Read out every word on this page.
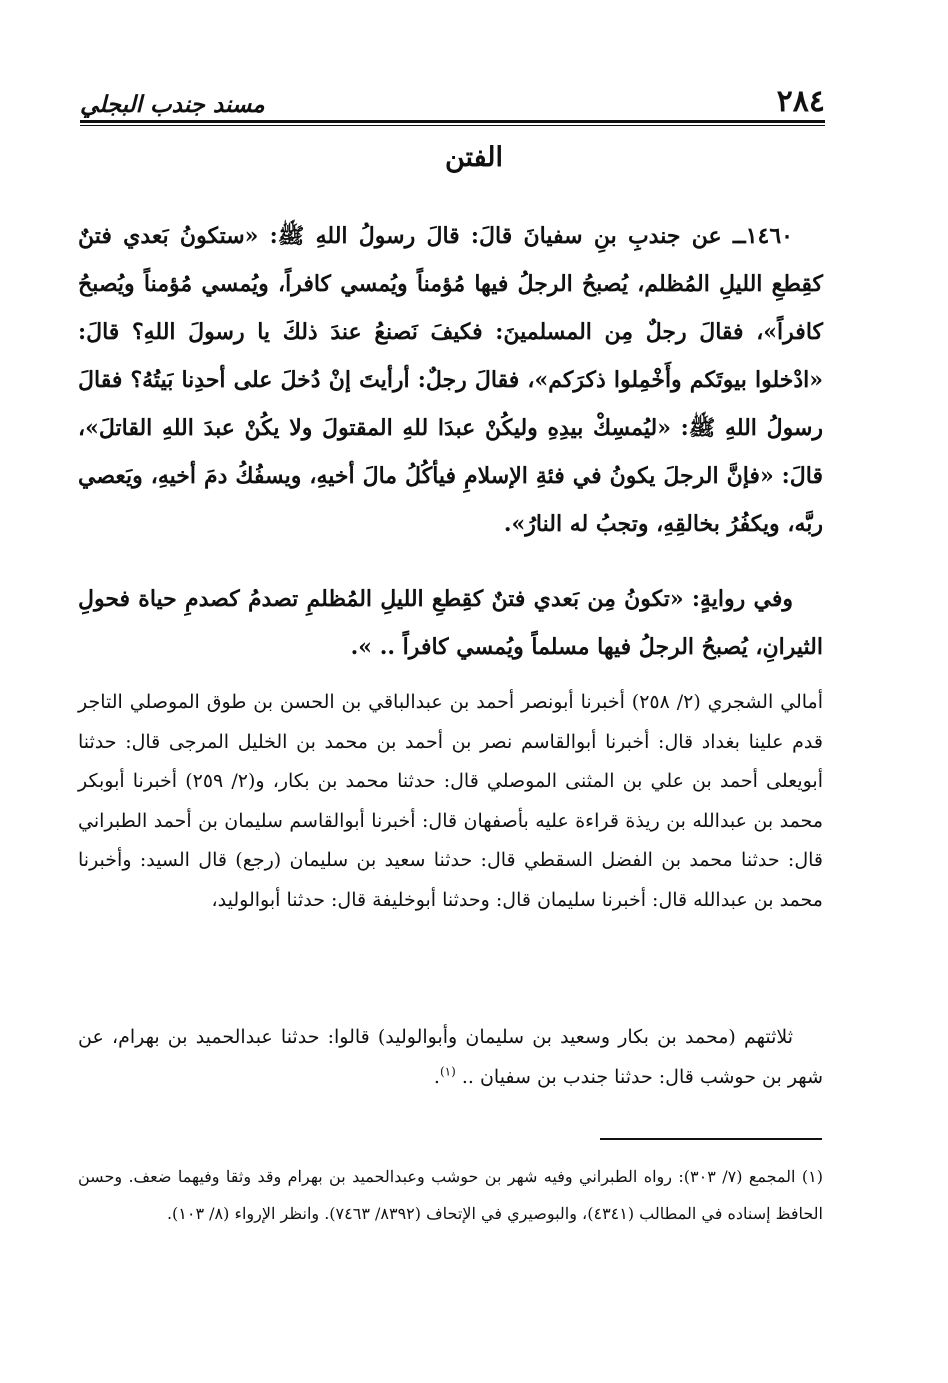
٢٨٤
مسند جندب البجلي
الفتن

١٤٦٠ــ عن جندبِ بنِ سفيانَ قالَ: قالَ رسولُ اللهِ ﷺ: «ستكونُ بَعدي فتنٌ كقِطعِ الليلِ المُظلم، يُصبحُ الرجلُ فيها مُؤمناً ويُمسي كافراً، ويُمسي مُؤمناً ويُصبحُ كافراً»، فقالَ رجلٌ مِن المسلمينَ: فكيفَ نَصنعُ عندَ ذلكَ يا رسولَ اللهِ؟ قالَ: «ادْخلوا بيوتَكم وأَخْمِلوا ذكرَكم»، فقالَ رجلٌ: أرأيتَ إنْ دُخلَ على أحدِنا بَيتُهُ؟ فقالَ رسولُ اللهِ ﷺ: «ليُمسِكْ بيدِهِ وليكُنْ عبدَا للهِ المقتولَ ولا يكُنْ عبدَ اللهِ القاتلَ»، قالَ: «فإنَّ الرجلَ يكونُ في فئةِ الإسلامِ فيأكُلُ مالَ أخيهِ، ويسفُكُ دمَ أخيهِ، ويَعصي ربَّه، ويكفُرُ بخالقِهِ، وتجبُ له النارُ».

وفي روايةٍ: «تكونُ مِن بَعدي فتنٌ كقِطعِ الليلِ المُظلمِ تصدمُ كصدمِ حياة فحولِ الثيرانِ، يُصبحُ الرجلُ فيها مسلماً ويُمسي كافراً .. ».

أمالي الشجري (٢/ ٢٥٨) أخبرنا أبونصر أحمد بن عبدالباقي بن الحسن بن طوق الموصلي التاجر قدم علينا بغداد قال: أخبرنا أبوالقاسم نصر بن أحمد بن محمد بن الخليل المرجى قال: حدثنا أبويعلى أحمد بن علي بن المثنى الموصلي قال: حدثنا محمد بن بكار، و(٢/ ٢٥٩) أخبرنا أبوبكر محمد بن عبدالله بن ريذة قراءة عليه بأصفهان قال: أخبرنا أبوالقاسم سليمان بن أحمد الطبراني قال: حدثنا محمد بن الفضل السقطي قال: حدثنا سعيد بن سليمان (رجع) قال السيد: وأخبرنا محمد بن عبدالله قال: أخبرنا سليمان قال: وحدثنا أبوخليفة قال: حدثنا أبوالوليد،

ثلاثتهم (محمد بن بكار وسعيد بن سليمان وأبوالوليد) قالوا: حدثنا عبدالحميد بن بهرام، عن شهر بن حوشب قال: حدثنا جندب بن سفيان .. $^{(١)}$.

(١) المجمع (٧/ ٣٠٣): رواه الطبراني وفيه شهر بن حوشب وعبدالحميد بن بهرام وقد وثقا وفيهما ضعف. وحسن الحافظ إسناده في المطالب (٤٣٤١)، والبوصيري في الإتحاف (٨٣٩٢/ ٧٤٦٣). وانظر الإرواء (٨/ ١٠٣).
